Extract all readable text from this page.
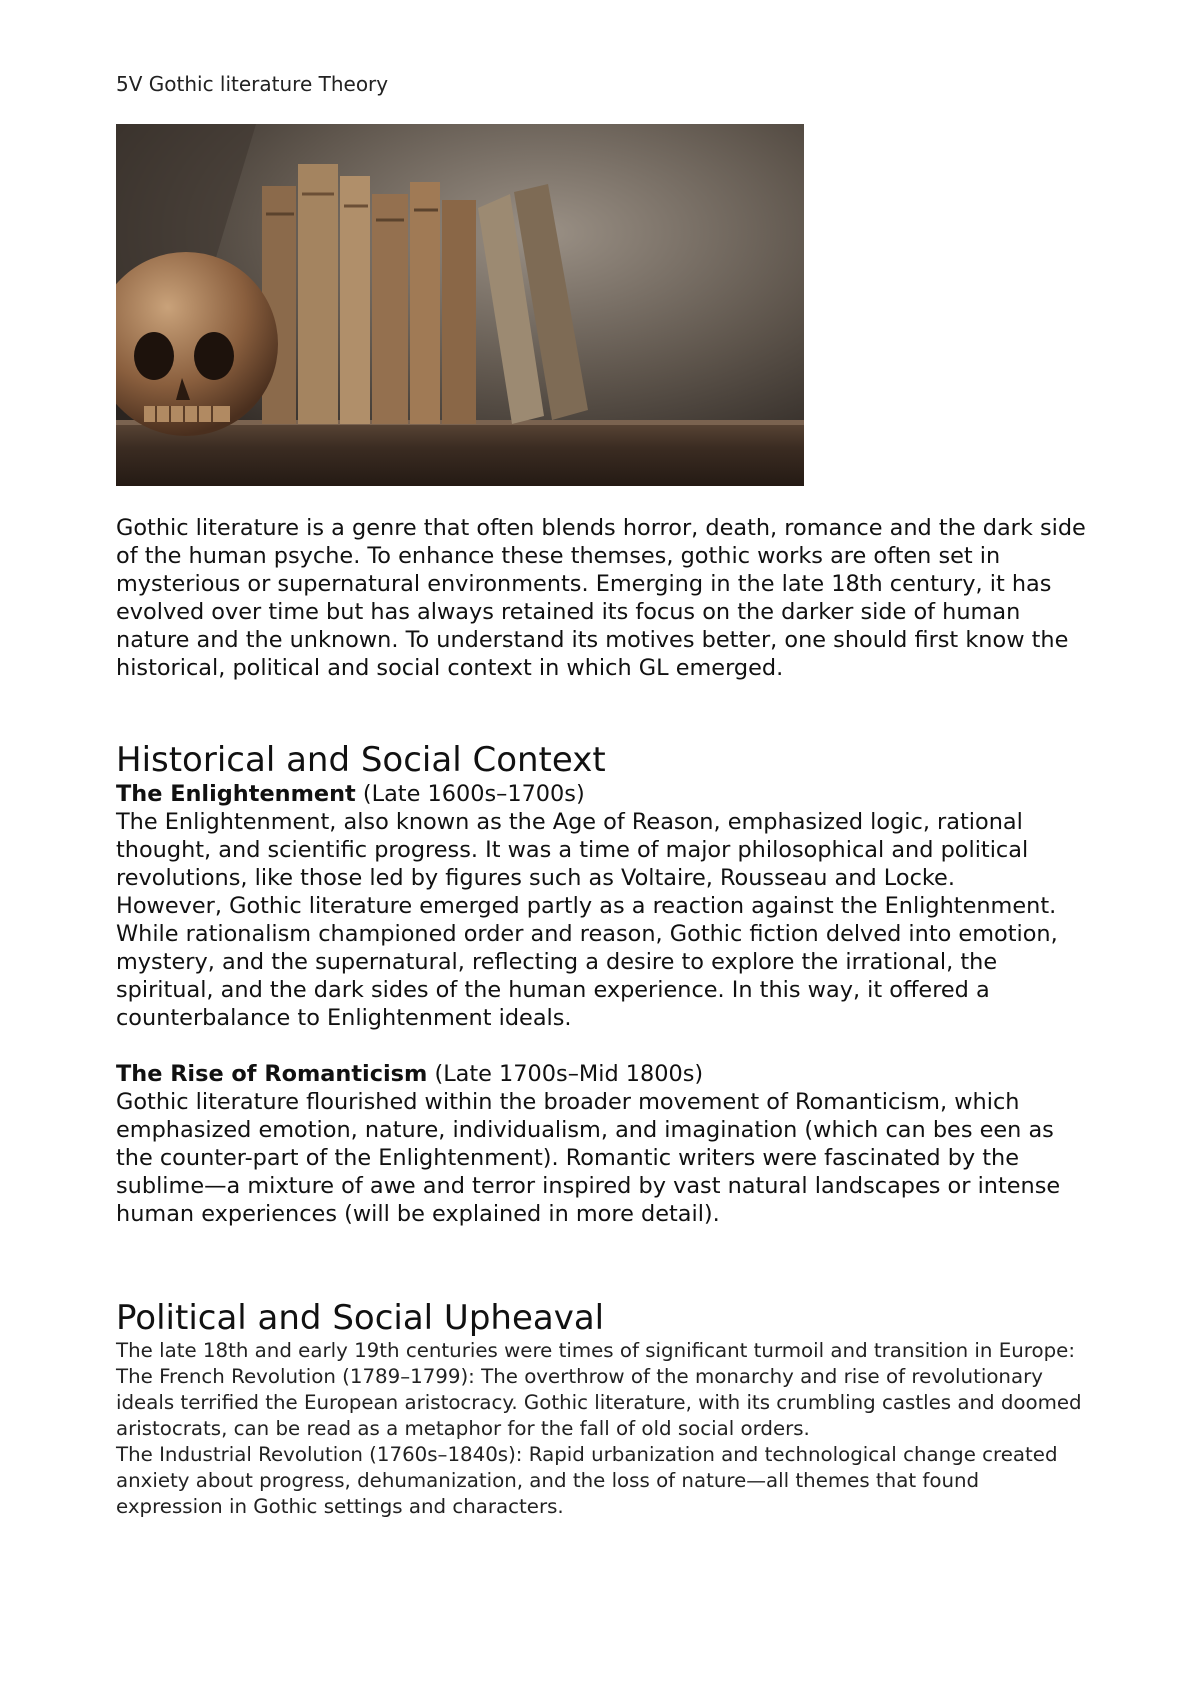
5V Gothic literature Theory

Gothic literature is a genre that often blends horror, death, romance and the dark side of the human psyche. To enhance these themses, gothic works are often set in mysterious or supernatural environments. Emerging in the late 18th century, it has evolved over time but has always retained its focus on the darker side of human nature and the unknown. To understand its motives better, one should first know the historical, political and social context in which GL emerged.

Historical and Social Context

The Enlightenment (Late 1600s–1700s)

The Enlightenment, also known as the Age of Reason, emphasized logic, rational thought, and scientific progress. It was a time of major philosophical and political revolutions, like those led by figures such as Voltaire, Rousseau and Locke.

However, Gothic literature emerged partly as a reaction against the Enlightenment. While rationalism championed order and reason, Gothic fiction delved into emotion, mystery, and the supernatural, reflecting a desire to explore the irrational, the spiritual, and the dark sides of the human experience. In this way, it offered a counterbalance to Enlightenment ideals.

The Rise of Romanticism (Late 1700s–Mid 1800s)

Gothic literature flourished within the broader movement of Romanticism, which emphasized emotion, nature, individualism, and imagination (which can bes een as the counter-part of the Enlightenment). Romantic writers were fascinated by the sublime—a mixture of awe and terror inspired by vast natural landscapes or intense human experiences (will be explained in more detail).

Political and Social Upheaval

The late 18th and early 19th centuries were times of significant turmoil and transition in Europe:

The French Revolution (1789–1799): The overthrow of the monarchy and rise of revolutionary ideals terrified the European aristocracy. Gothic literature, with its crumbling castles and doomed aristocrats, can be read as a metaphor for the fall of old social orders.

The Industrial Revolution (1760s–1840s): Rapid urbanization and technological change created anxiety about progress, dehumanization, and the loss of nature—all themes that found expression in Gothic settings and characters.
